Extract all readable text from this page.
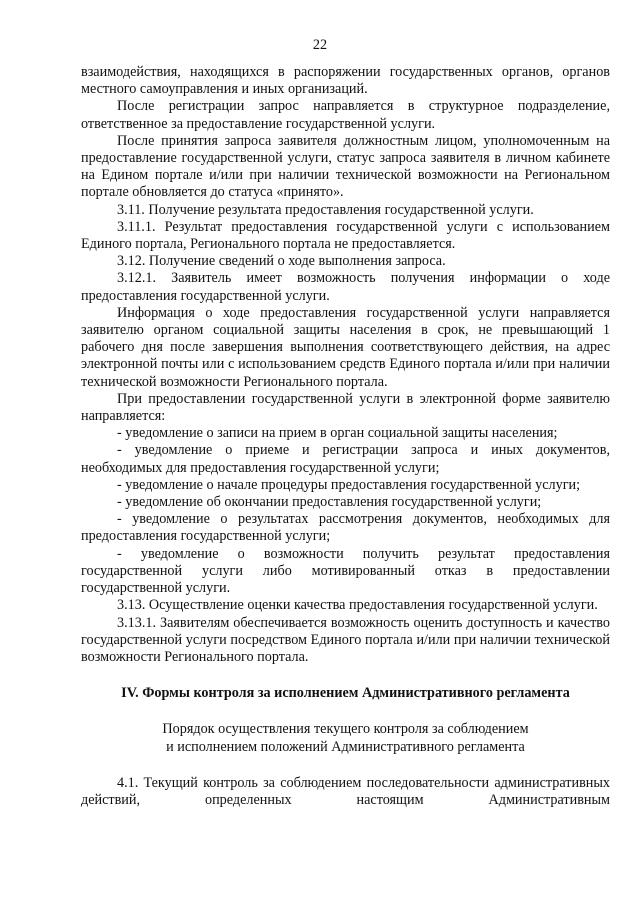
22

взаимодействия, находящихся в распоряжении государственных органов, органов местного самоуправления и иных организаций.

После регистрации запрос направляется в структурное подразделение, ответственное за предоставление государственной услуги.

После принятия запроса заявителя должностным лицом, уполномоченным на предоставление государственной услуги, статус запроса заявителя в личном кабинете на Едином портале и/или при наличии технической возможности на Региональном портале обновляется до статуса «принято».

3.11. Получение результата предоставления государственной услуги.

3.11.1. Результат предоставления государственной услуги с использованием Единого портала, Регионального портала не предоставляется.

3.12. Получение сведений о ходе выполнения запроса.

3.12.1. Заявитель имеет возможность получения информации о ходе предоставления государственной услуги.

Информация о ходе предоставления государственной услуги направляется заявителю органом социальной защиты населения в срок, не превышающий 1 рабочего дня после завершения выполнения соответствующего действия, на адрес электронной почты или с использованием средств Единого портала и/или при наличии технической возможности Регионального портала.

При предоставлении государственной услуги в электронной форме заявителю направляется:

- уведомление о записи на прием в орган социальной защиты населения;

- уведомление о приеме и регистрации запроса и иных документов, необходимых для предоставления государственной услуги;

- уведомление о начале процедуры предоставления государственной услуги;

- уведомление об окончании предоставления государственной услуги;

- уведомление о результатах рассмотрения документов, необходимых для предоставления государственной услуги;

- уведомление о возможности получить результат предоставления государственной услуги либо мотивированный отказ в предоставлении государственной услуги.

3.13. Осуществление оценки качества предоставления государственной услуги.

3.13.1. Заявителям обеспечивается возможность оценить доступность и качество государственной услуги посредством Единого портала и/или при наличии технической возможности Регионального портала.

IV. Формы контроля за исполнением Административного регламента

Порядок осуществления текущего контроля за соблюдением
и исполнением положений Административного регламента

4.1. Текущий контроль за соблюдением последовательности административных действий, определенных настоящим Административным
